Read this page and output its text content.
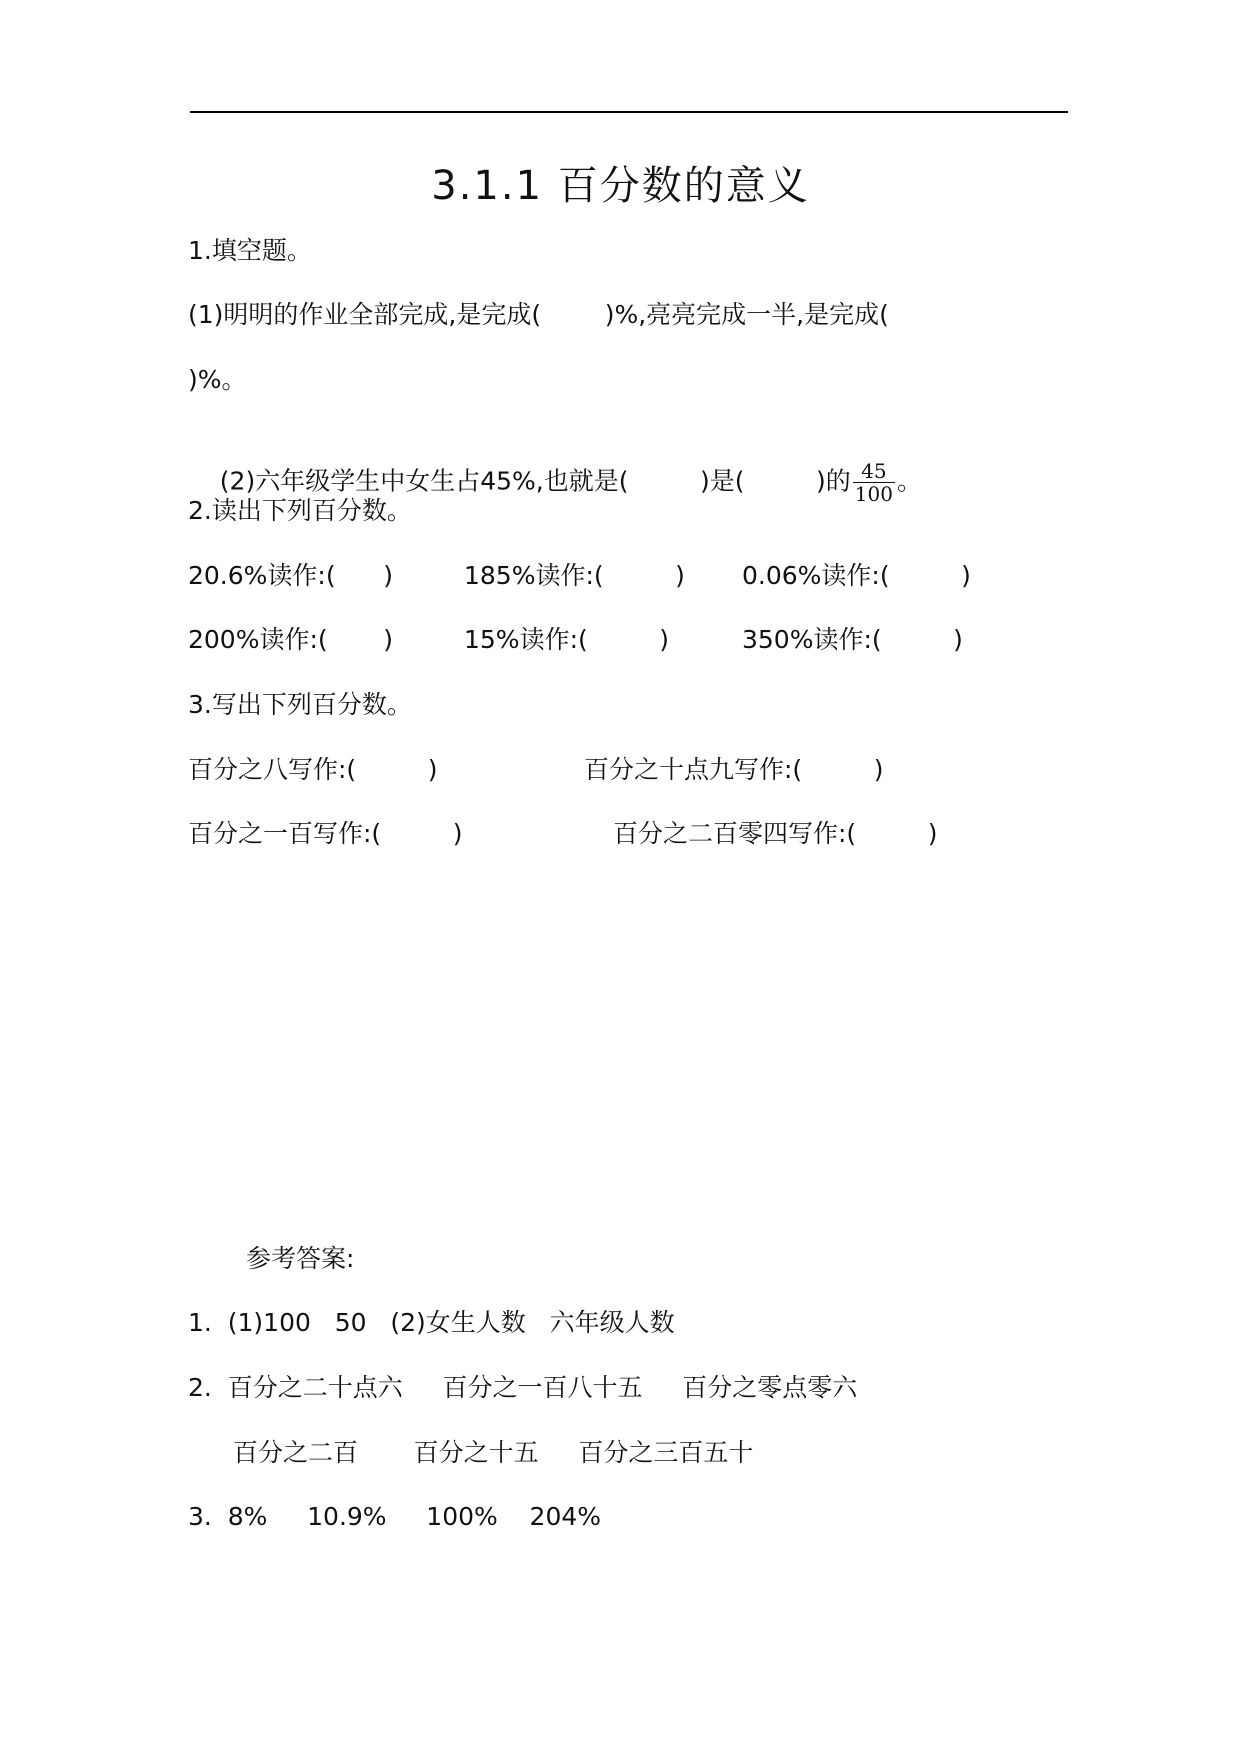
3.1.1 百分数的意义
1.填空题。
(1)明明的作业全部完成,是完成(        )%,亮亮完成一半,是完成(
)%。

(2)六年级学生中女生占45%,也就是(         )是(         )的 $\frac{45}{100}$ 。

2.读出下列百分数。
20.6%读作:(      )	185%读作:(         ) 0.06%读作:(         )
200%读作:(       )	15%读作:(         )	350%读作:(         )
3.写出下列百分数。
百分之八写作:(         )	百分之十点九写作:(         )
百分之一百写作:(         )	百分之二百零四写作:(         )
参考答案:
1.  (1)100   50   (2)女生人数   六年级人数
2.  百分之二十点六     百分之一百八十五     百分之零点零六
百分之二百       百分之十五     百分之三百五十
3.  8%     10.9%     100%    204%
